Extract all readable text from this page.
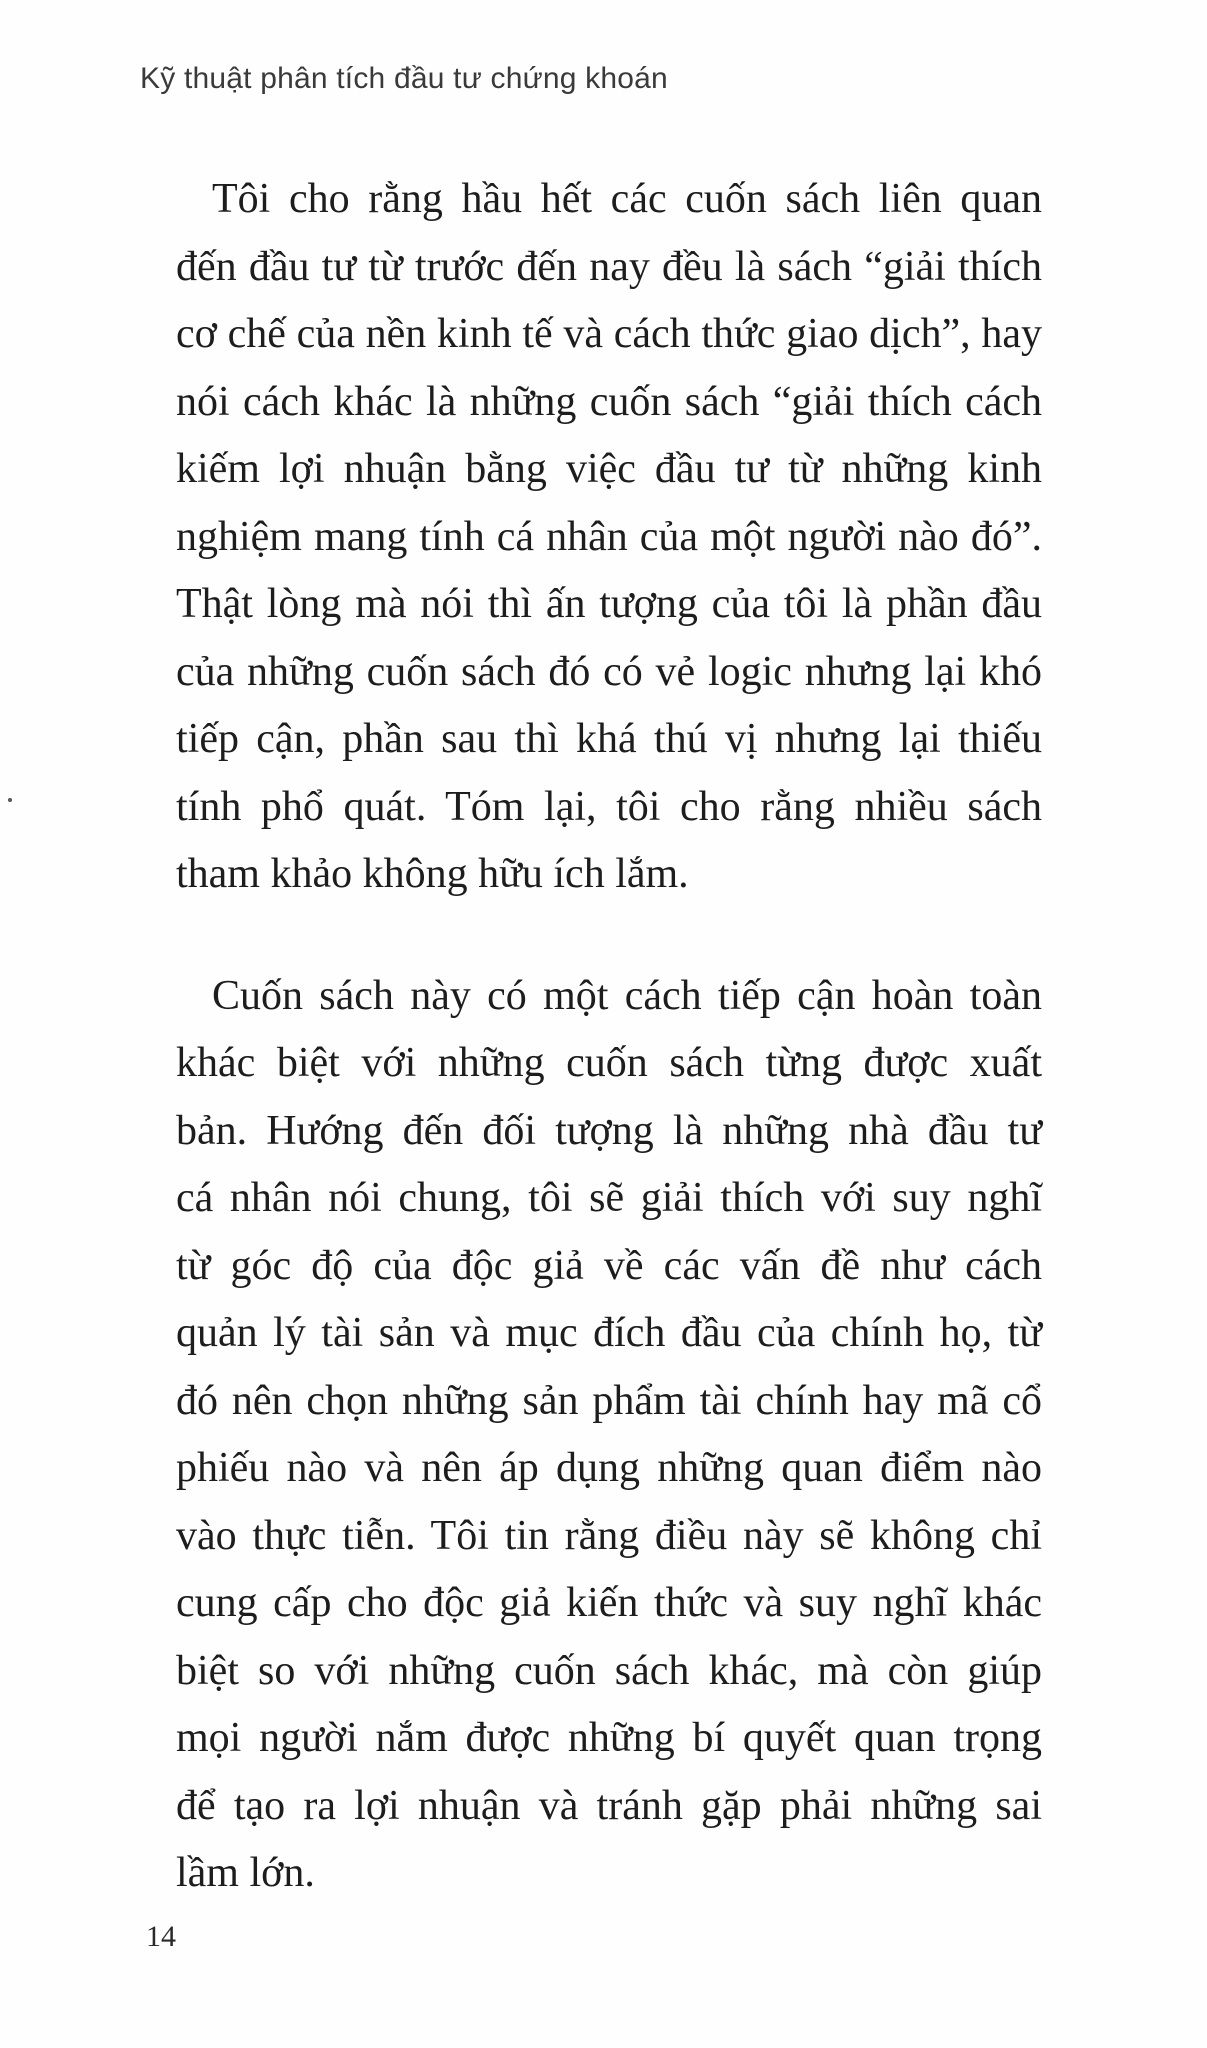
Kỹ thuật phân tích đầu tư chứng khoán

Tôi cho rằng hầu hết các cuốn sách liên quan
đến đầu tư từ trước đến nay đều là sách “giải thích
cơ chế của nền kinh tế và cách thức giao dịch”, hay
nói cách khác là những cuốn sách “giải thích cách
kiếm lợi nhuận bằng việc đầu tư từ những kinh
nghiệm mang tính cá nhân của một người nào đó”.
Thật lòng mà nói thì ấn tượng của tôi là phần đầu
của những cuốn sách đó có vẻ logic nhưng lại khó
tiếp cận, phần sau thì khá thú vị nhưng lại thiếu
tính phổ quát. Tóm lại, tôi cho rằng nhiều sách
tham khảo không hữu ích lắm.

Cuốn sách này có một cách tiếp cận hoàn toàn
khác biệt với những cuốn sách từng được xuất
bản. Hướng đến đối tượng là những nhà đầu tư
cá nhân nói chung, tôi sẽ giải thích với suy nghĩ
từ góc độ của độc giả về các vấn đề như cách
quản lý tài sản và mục đích đầu của chính họ, từ
đó nên chọn những sản phẩm tài chính hay mã cổ
phiếu nào và nên áp dụng những quan điểm nào
vào thực tiễn. Tôi tin rằng điều này sẽ không chỉ
cung cấp cho độc giả kiến thức và suy nghĩ khác
biệt so với những cuốn sách khác, mà còn giúp
mọi người nắm được những bí quyết quan trọng
để tạo ra lợi nhuận và tránh gặp phải những sai
lầm lớn.

14
